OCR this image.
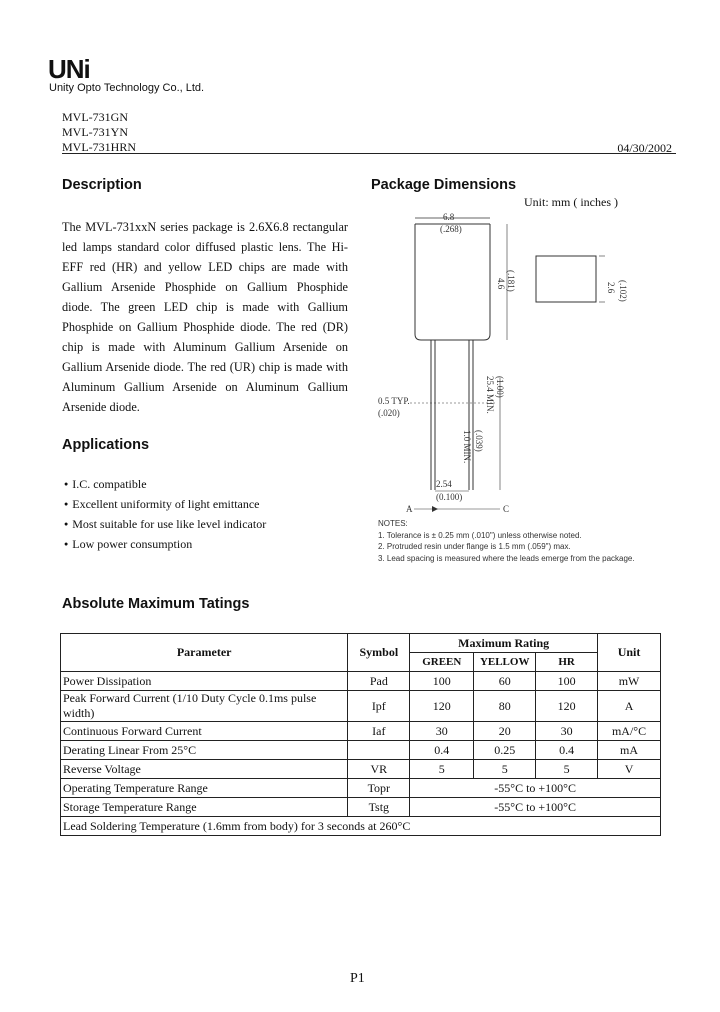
UNi
Unity Opto Technology Co., Ltd.
MVL-731GN
MVL-731YN
MVL-731HRN	04/30/2002
Description
The MVL-731xxN series package is 2.6X6.8 rectangular led lamps standard color diffused plastic lens. The Hi-EFF red (HR) and yellow LED chips are made with Gallium Arsenide Phosphide on Gallium Phosphide diode. The green LED chip is made with Gallium Phosphide on Gallium Phosphide diode. The red (DR) chip is made with Aluminum Gallium Arsenide on Gallium Arsenide diode. The red (UR) chip is made with Aluminum Gallium Arsenide on Aluminum Gallium Arsenide diode.
Package Dimensions
Unit: mm ( inches )
6.8
(.268)
4.6 (.181)	2.6 (.102)
0.5 TYP.
(.020)	25.4 MIN. (1.00)
1.0 MIN. (.039)
2.54
(0.100)
A	C
NOTES:
1. Tolerance is ± 0.25 mm (.010") unless otherwise noted.
2. Protruded resin under flange is 1.5 mm (.059") max.
3. Lead spacing is measured where the leads emerge from the package.
Applications
● I.C. compatible
● Excellent uniformity of light emittance
● Most suitable for use like level indicator
● Low power consumption
Absolute Maximum Tatings
Parameter	Symbol	Maximum Rating			Unit
		GREEN	YELLOW	HR	
Power Dissipation	Pad	100	60	100	mW
Peak Forward Current (1/10 Duty Cycle 0.1ms pulse width)	Ipf	120	80	120	A
Continuous Forward Current	Iaf	30	20	30	mA/°C
Derating Linear From 25°C		0.4	0.25	0.4	mA
Reverse Voltage	VR	5	5	5	V
Operating Temperature Range	Topr	-55°C to +100°C			
Storage Temperature Range	Tstg	-55°C to +100°C			
Lead Soldering Temperature (1.6mm from body) for 3 seconds at 260°C					
P1
